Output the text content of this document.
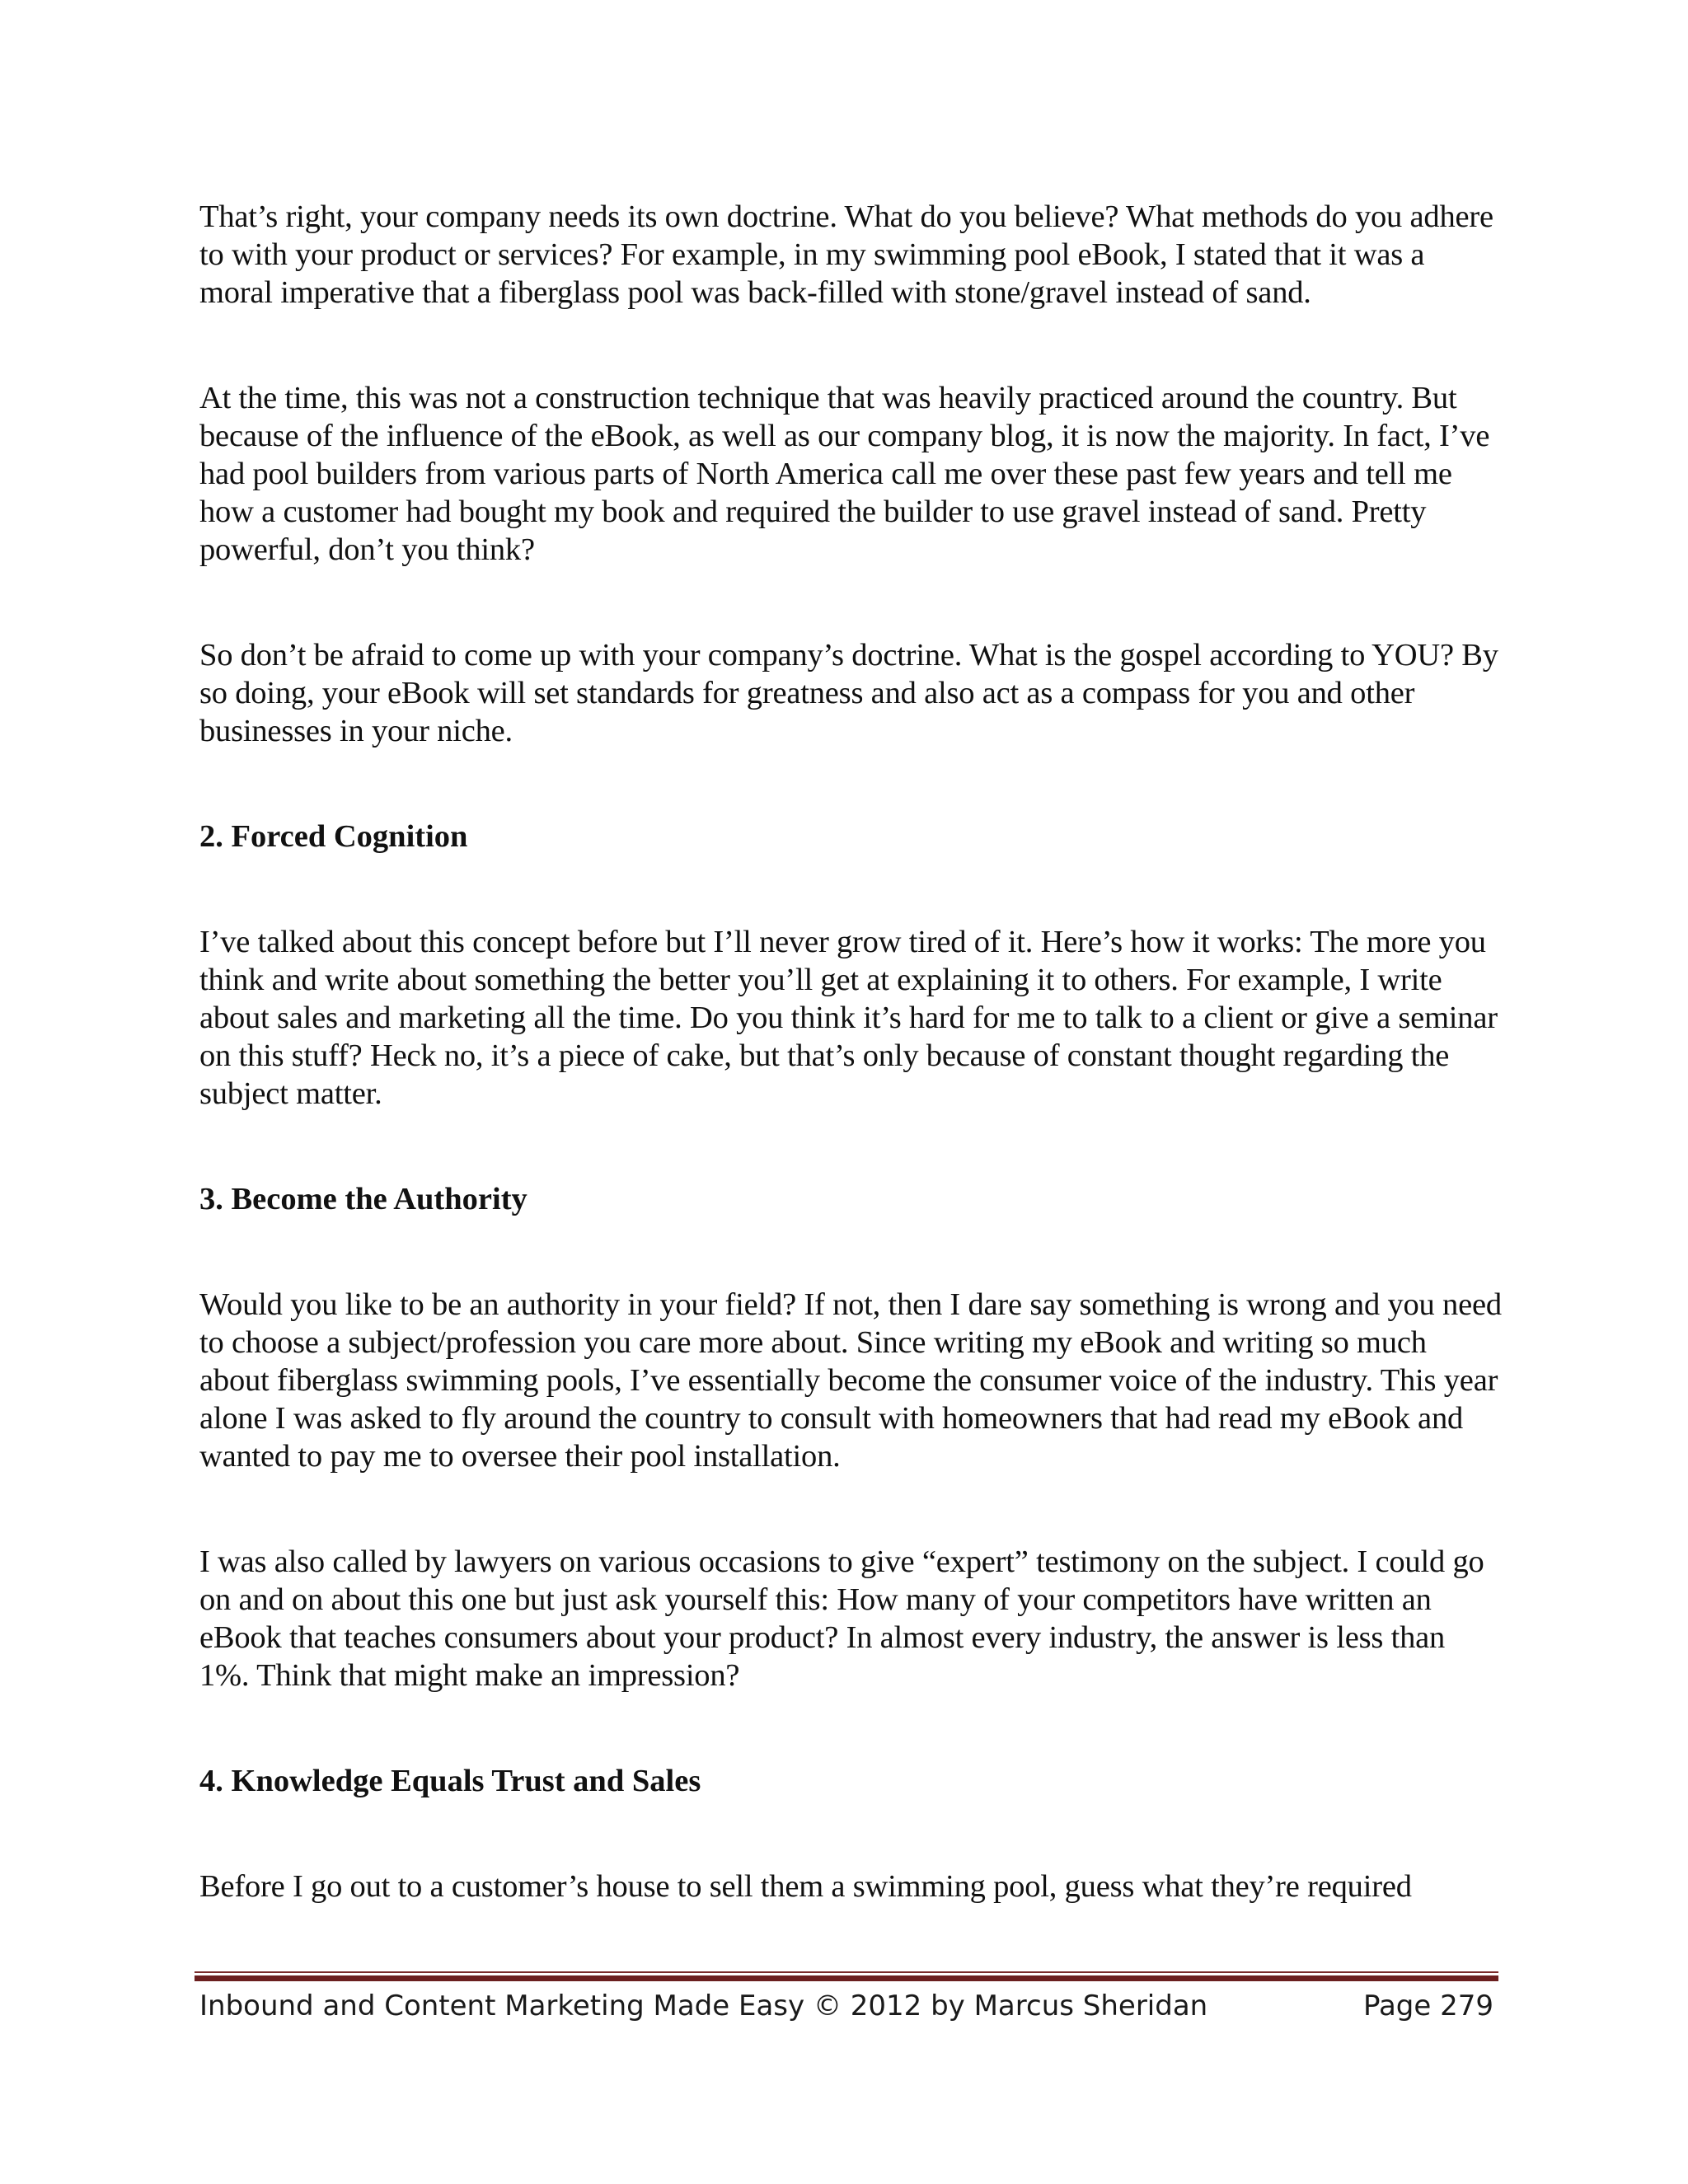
That’s right, your company needs its own doctrine. What do you believe? What methods do you adhere to with your product or services? For example, in my swimming pool eBook, I stated that it was a moral imperative that a fiberglass pool was back-filled with stone/gravel instead of sand.

At the time, this was not a construction technique that was heavily practiced around the country. But because of the influence of the eBook, as well as our company blog, it is now the majority. In fact, I’ve had pool builders from various parts of North America call me over these past few years and tell me how a customer had bought my book and required the builder to use gravel instead of sand. Pretty powerful, don’t you think?

So don’t be afraid to come up with your company’s doctrine. What is the gospel according to YOU? By so doing, your eBook will set standards for greatness and also act as a compass for you and other businesses in your niche.

2. Forced Cognition

I’ve talked about this concept before but I’ll never grow tired of it. Here’s how it works: The more you think and write about something the better you’ll get at explaining it to others. For example, I write about sales and marketing all the time. Do you think it’s hard for me to talk to a client or give a seminar on this stuff? Heck no, it’s a piece of cake, but that’s only because of constant thought regarding the subject matter.

3. Become the Authority

Would you like to be an authority in your field? If not, then I dare say something is wrong and you need to choose a subject/profession you care more about. Since writing my eBook and writing so much about fiberglass swimming pools, I’ve essentially become the consumer voice of the industry. This year alone I was asked to fly around the country to consult with homeowners that had read my eBook and wanted to pay me to oversee their pool installation.

I was also called by lawyers on various occasions to give “expert” testimony on the subject. I could go on and on about this one but just ask yourself this: How many of your competitors have written an eBook that teaches consumers about your product? In almost every industry, the answer is less than 1%. Think that might make an impression?

4. Knowledge Equals Trust and Sales

Before I go out to a customer’s house to sell them a swimming pool, guess what they’re required

Inbound and Content Marketing Made Easy © 2012 by Marcus Sheridan	Page 279
